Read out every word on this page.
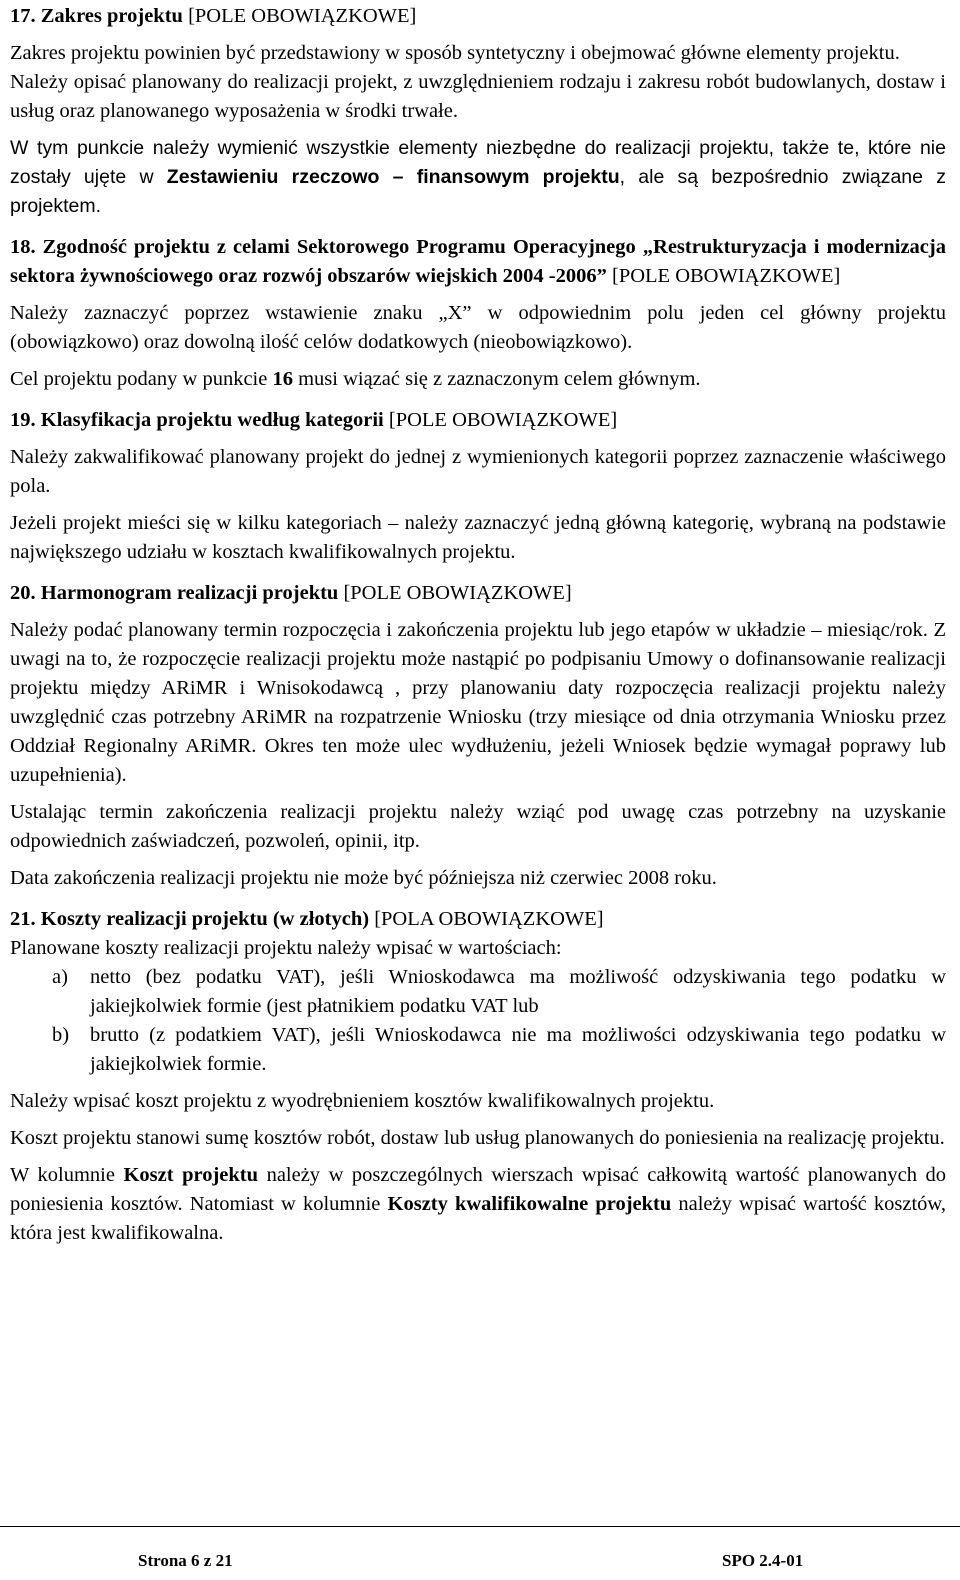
17. Zakres projektu [POLE OBOWIĄZKOWE]

Zakres projektu powinien być przedstawiony w sposób syntetyczny i obejmować główne elementy projektu.

Należy opisać planowany do realizacji projekt, z uwzględnieniem rodzaju i zakresu robót budowlanych, dostaw i usług oraz planowanego wyposażenia w środki trwałe.

W tym punkcie należy wymienić wszystkie elementy niezbędne do realizacji projektu, także te, które nie zostały ujęte w Zestawieniu rzeczowo – finansowym projektu, ale są bezpośrednio związane z projektem.

18. Zgodność projektu z celami Sektorowego Programu Operacyjnego „Restrukturyzacja i modernizacja sektora żywnościowego oraz rozwój obszarów wiejskich 2004 -2006” [POLE OBOWIĄZKOWE]

Należy zaznaczyć poprzez wstawienie znaku „X” w odpowiednim polu jeden cel główny projektu (obowiązkowo) oraz dowolną ilość celów dodatkowych (nieobowiązkowo).

Cel projektu podany w punkcie 16 musi wiązać się z zaznaczonym celem głównym.

19. Klasyfikacja projektu według kategorii [POLE OBOWIĄZKOWE]

Należy zakwalifikować planowany projekt do jednej z wymienionych kategorii poprzez zaznaczenie właściwego pola.

Jeżeli projekt mieści się w kilku kategoriach – należy zaznaczyć jedną główną kategorię, wybraną na podstawie największego udziału w kosztach kwalifikowalnych projektu.

20. Harmonogram realizacji projektu [POLE OBOWIĄZKOWE]

Należy podać planowany termin rozpoczęcia i zakończenia projektu lub jego etapów w układzie – miesiąc/rok. Z uwagi na to, że rozpoczęcie realizacji projektu może nastąpić po podpisaniu Umowy o dofinansowanie realizacji projektu między ARiMR i Wnisokodawcą , przy planowaniu daty rozpoczęcia realizacji projektu należy uwzględnić czas potrzebny ARiMR na rozpatrzenie Wniosku (trzy miesiące od dnia otrzymania Wniosku przez Oddział Regionalny ARiMR. Okres ten może ulec wydłużeniu, jeżeli Wniosek będzie wymagał poprawy lub uzupełnienia).

Ustalając termin zakończenia realizacji projektu należy wziąć pod uwagę czas potrzebny na uzyskanie odpowiednich zaświadczeń, pozwoleń, opinii, itp.

Data zakończenia realizacji projektu nie może być późniejsza niż czerwiec 2008 roku.

21. Koszty realizacji projektu (w złotych) [POLA OBOWIĄZKOWE]

Planowane koszty realizacji projektu należy wpisać w wartościach:

a)	netto (bez podatku VAT), jeśli Wnioskodawca ma możliwość odzyskiwania tego podatku w jakiejkolwiek formie (jest płatnikiem podatku VAT lub
b)	brutto (z podatkiem VAT), jeśli Wnioskodawca nie ma możliwości odzyskiwania tego podatku w jakiejkolwiek formie.

Należy wpisać koszt projektu z wyodrębnieniem kosztów kwalifikowalnych projektu.

Koszt projektu stanowi sumę kosztów robót, dostaw lub usług planowanych do poniesienia na realizację projektu.

W kolumnie Koszt projektu należy w poszczególnych wierszach wpisać całkowitą wartość planowanych do poniesienia kosztów. Natomiast w kolumnie Koszty kwalifikowalne projektu należy wpisać wartość kosztów, która jest kwalifikowalna.

Strona 6 z 21	SPO 2.4-01
